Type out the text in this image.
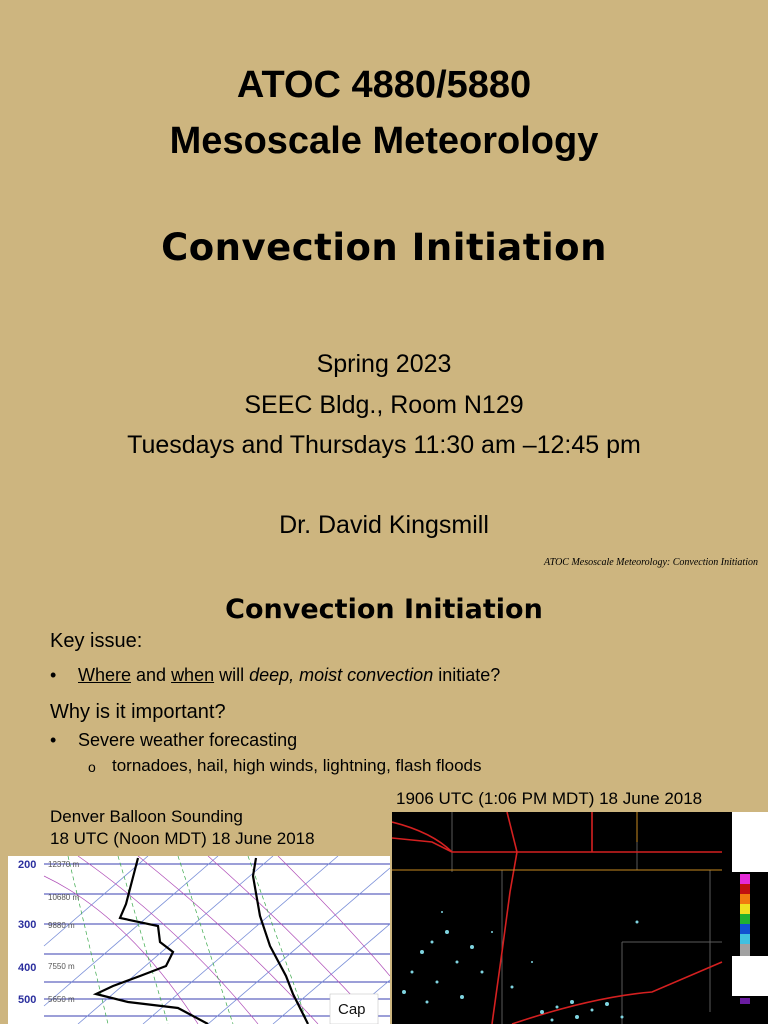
ATOC 4880/5880
Mesoscale Meteorology
Convection Initiation
Spring 2023
SEEC Bldg., Room N129
Tuesdays and Thursdays 11:30 am –12:45 pm
Dr. David Kingsmill
ATOC Mesoscale Meteorology: Convection Initiation
Convection Initiation
Key issue:
•	Where and when will deep, moist convection initiate?
Why is it important?
•	Severe weather forecasting
o tornadoes, hail, high winds, lightning, flash floods
Denver Balloon Sounding
18 UTC (Noon MDT) 18 June 2018
1906 UTC (1:06 PM MDT) 18 June 2018
200
300
400
500
12370 m
10680 m
9880 m
7550 m
5650 m
Cap
